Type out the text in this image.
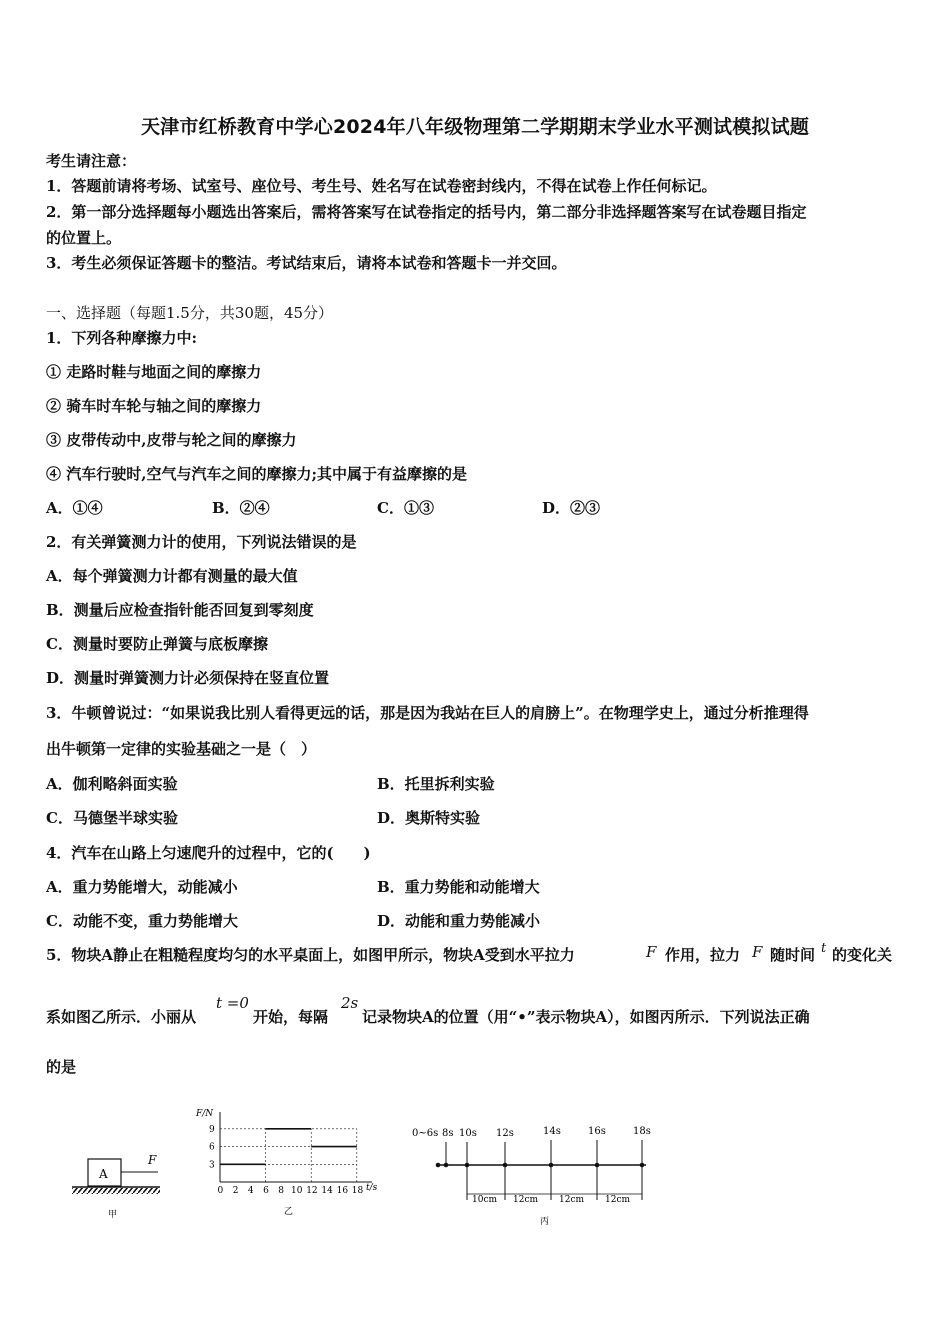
天津市红桥教育中学心2024年八年级物理第二学期期末学业水平测试模拟试题
考生请注意：
1．答题前请将考场、试室号、座位号、考生号、姓名写在试卷密封线内，不得在试卷上作任何标记。
2．第一部分选择题每小题选出答案后，需将答案写在试卷指定的括号内，第二部分非选择题答案写在试卷题目指定
的位置上。
3．考生必须保证答题卡的整洁。考试结束后，请将本试卷和答题卡一并交回。
一、选择题（每题1.5分，共30题，45分）
1．下列各种摩擦力中:
① 走路时鞋与地面之间的摩擦力
② 骑车时车轮与轴之间的摩擦力
③ 皮带传动中,皮带与轮之间的摩擦力
④ 汽车行驶时,空气与汽车之间的摩擦力;其中属于有益摩擦的是
A．①④	B．②④	C．①③	D．②③
2．有关弹簧测力计的使用，下列说法错误的是
A．每个弹簧测力计都有测量的最大值
B．测量后应检查指针能否回复到零刻度
C．测量时要防止弹簧与底板摩擦
D．测量时弹簧测力计必须保持在竖直位置
3．牛顿曾说过：“如果说我比别人看得更远的话，那是因为我站在巨人的肩膀上”。在物理学史上，通过分析推理得
出牛顿第一定律的实验基础之一是（　）
A．伽利略斜面实验	B．托里拆利实验
C．马德堡半球实验	D．奥斯特实验
4．汽车在山路上匀速爬升的过程中，它的(　　)
A．重力势能增大，动能减小	B．重力势能和动能增大
C．动能不变，重力势能增大	D．动能和重力势能减小
5．物块A静止在粗糙程度均匀的水平桌面上，如图甲所示，物块A受到水平拉力	F 作用，拉力 F 随时间 t 的变化关
系如图乙所示．小丽从
t =0
开始，每隔
2s
记录物块A的位置（用“•”表示物块A），如图丙所示．下列说法正确
的是
A
F
甲
F/N
t/s
乙
9
6
3
0 2 4 6 8 10 12 14 16 18
0~6s 8s 10s 12s	14s	16s	18s
10cm 12cm 12cm 12cm
丙
